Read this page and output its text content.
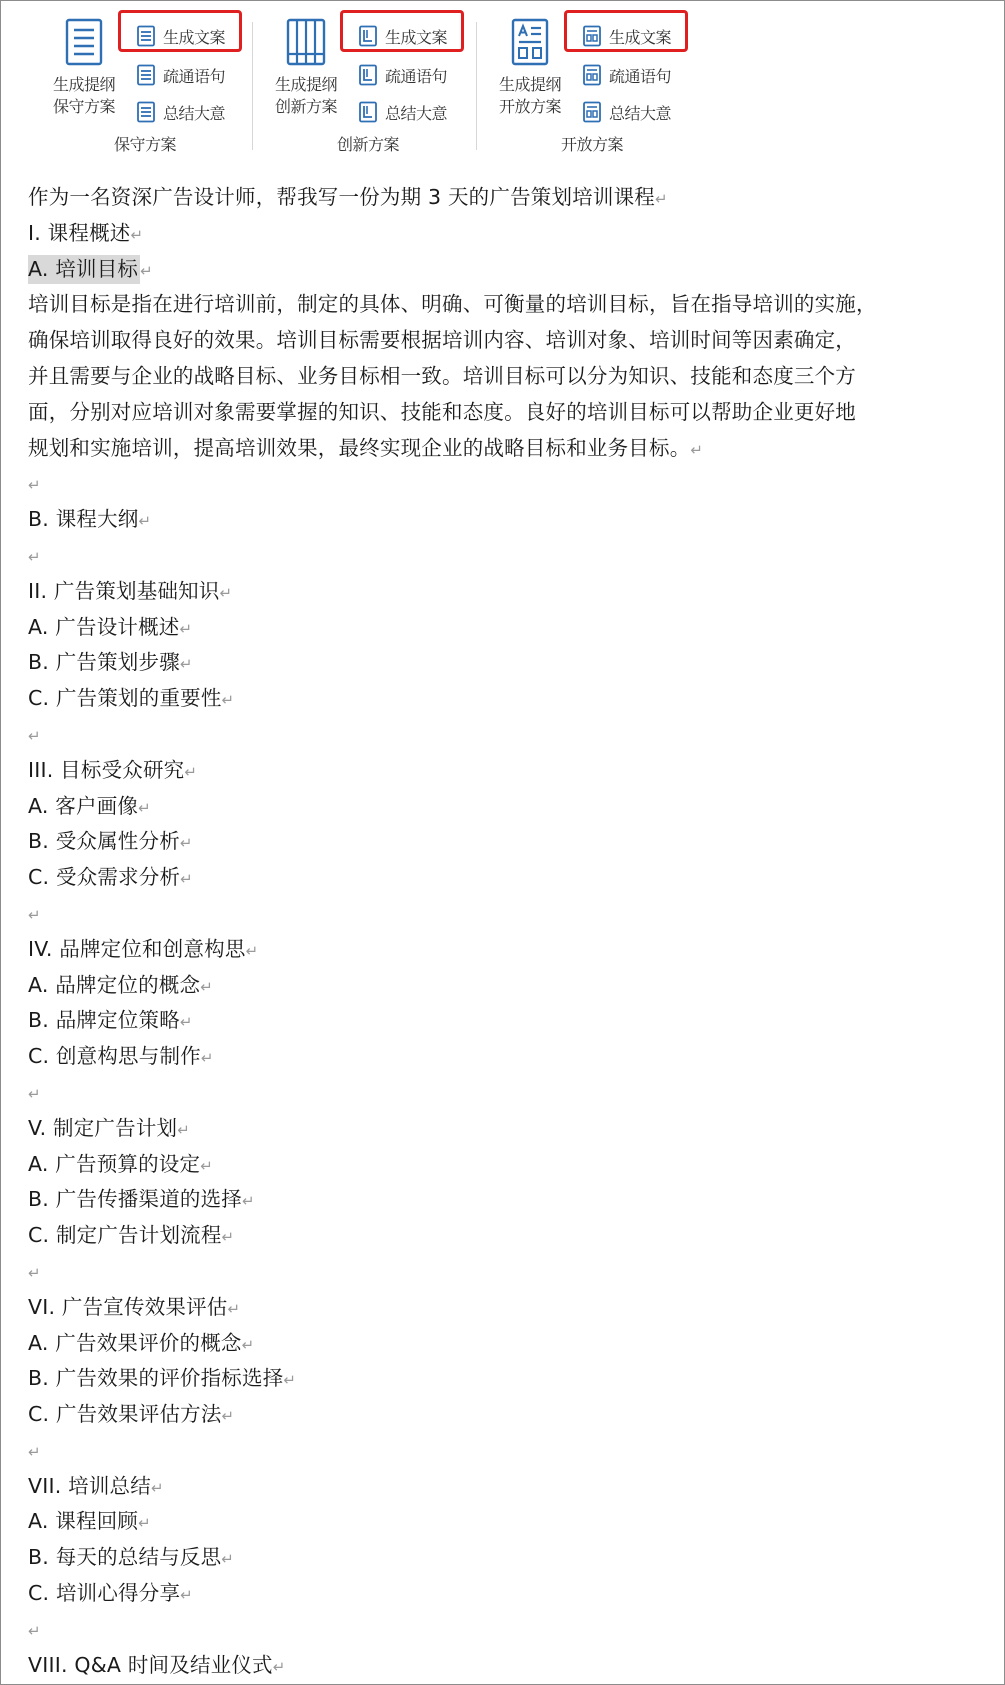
生成提纲
保守方案
生成文案
疏通语句
总结大意
保守方案
生成提纲
创新方案
生成文案
疏通语句
总结大意
创新方案
生成提纲
开放方案
生成文案
疏通语句
总结大意
开放方案
作为一名资深广告设计师，帮我写一份为期 3 天的广告策划培训课程↵
I. 课程概述↵
A. 培训目标 ↵

培训目标是指在进行培训前，制定的具体、明确、可衡量的培训目标，旨在指导培训的实施，

确保培训取得良好的效果。培训目标需要根据培训内容、培训对象、培训时间等因素确定，

并且需要与企业的战略目标、业务目标相一致。培训目标可以分为知识、技能和态度三个方

面，分别对应培训对象需要掌握的知识、技能和态度。良好的培训目标可以帮助企业更好地

规划和实施培训，提高培训效果，最终实现企业的战略目标和业务目标。↵

↵
B. 课程大纲↵
↵
II. 广告策划基础知识↵
A. 广告设计概述↵
B. 广告策划步骤↵
C. 广告策划的重要性↵
↵
III. 目标受众研究↵
A. 客户画像↵
B. 受众属性分析↵
C. 受众需求分析↵
↵
IV. 品牌定位和创意构思↵
A. 品牌定位的概念↵
B. 品牌定位策略↵
C. 创意构思与制作↵
↵
V. 制定广告计划↵
A. 广告预算的设定↵
B. 广告传播渠道的选择↵
C. 制定广告计划流程↵
↵
VI. 广告宣传效果评估↵
A. 广告效果评价的概念↵
B. 广告效果的评价指标选择↵
C. 广告效果评估方法↵
↵
VII. 培训总结↵
A. 课程回顾↵
B. 每天的总结与反思↵
C. 培训心得分享↵
↵
VIII. Q&A 时间及结业仪式↵
